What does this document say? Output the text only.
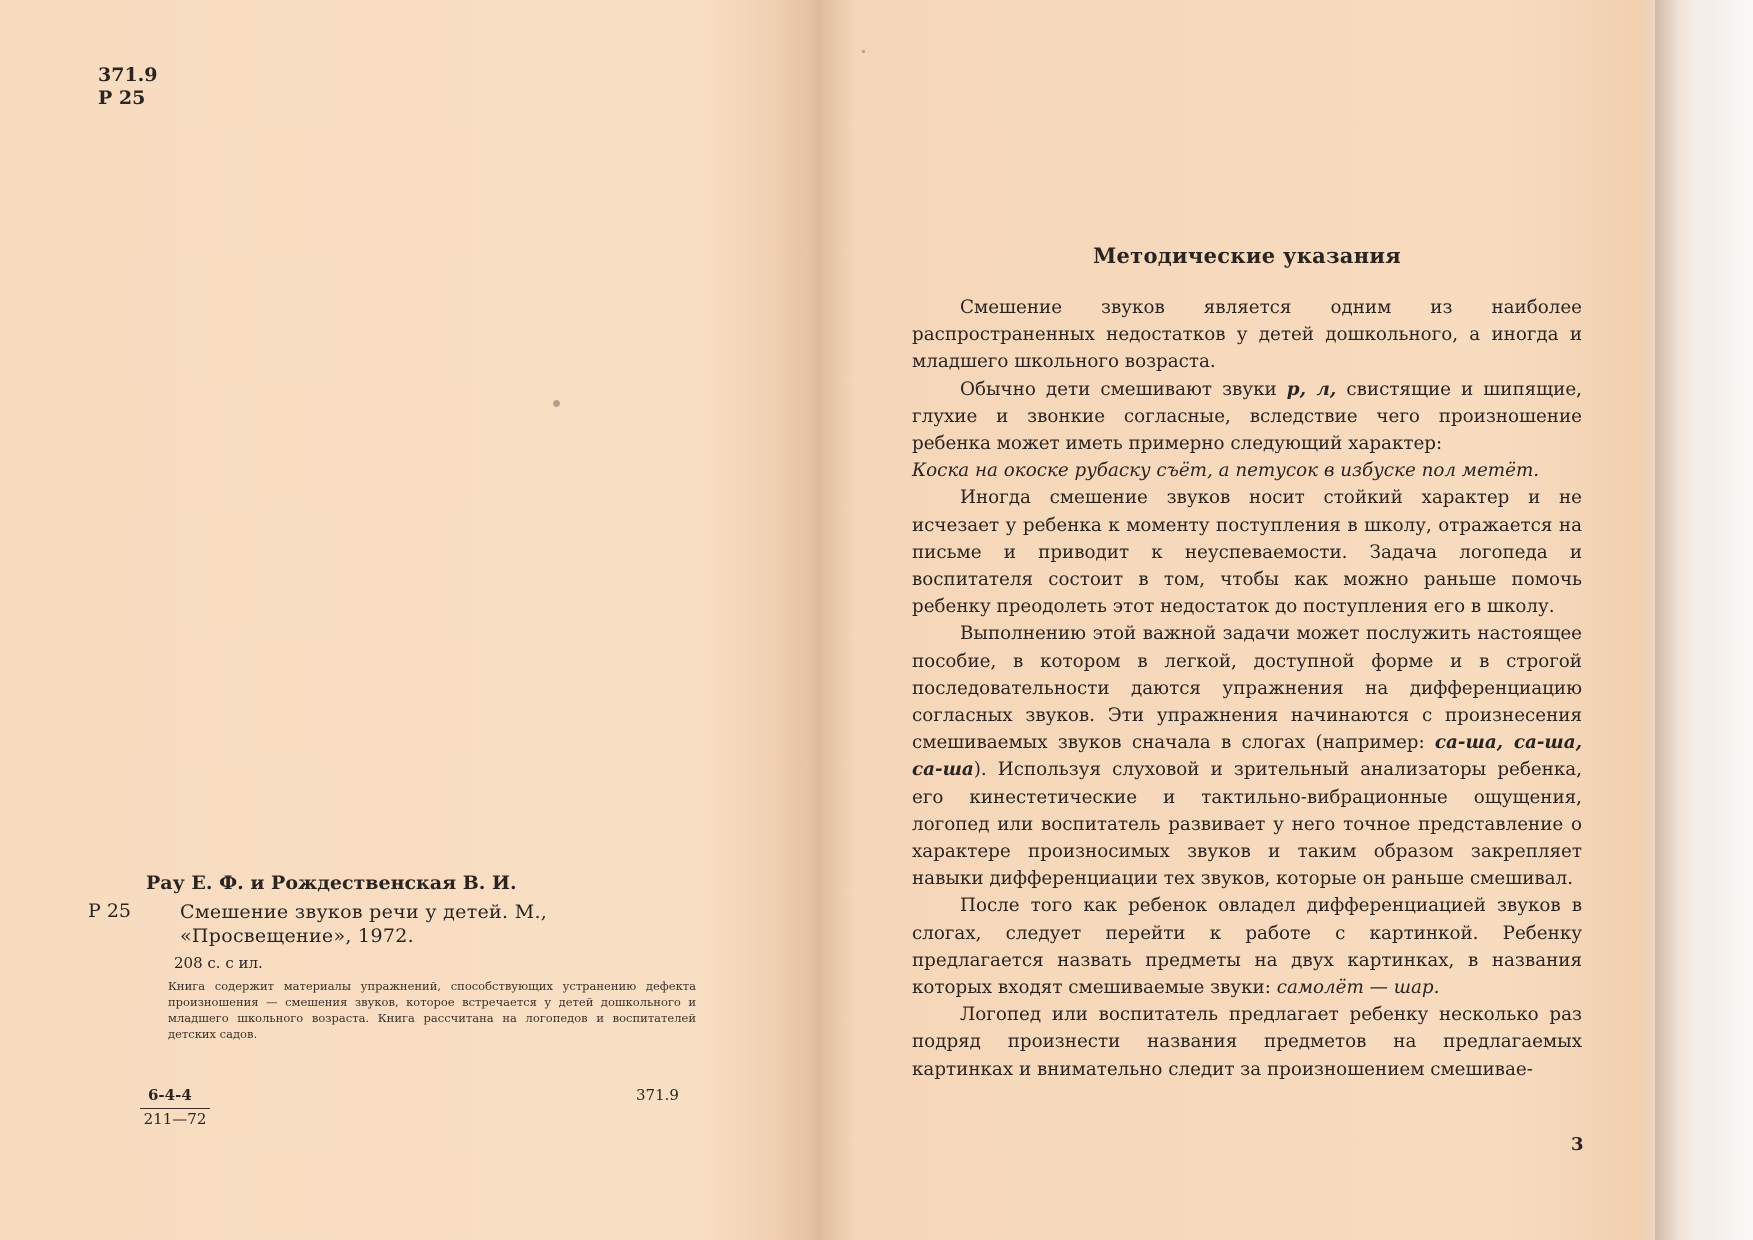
371.9
Р 25
Рау Е. Ф. и Рождественская В. И.
Р 25	Смешение звуков речи у детей. М., «Просвещение», 1972.
208 с. с ил.
Книга содержит материалы упражнений, способствующих устранению дефекта произношения — смешения звуков, которое встречается у детей дошкольного и младшего школьного возраста. Книга рассчитана на логопедов и воспитателей детских садов.
6-4-4
211—72
371.9
Методические указания

Смешение звуков является одним из наиболее распространенных недостатков у детей дошкольного, а иногда и младшего школьного возраста.

Обычно дети смешивают звуки р, л, свистящие и шипящие, глухие и звонкие согласные, вследствие чего произношение ребенка может иметь примерно следующий характер:
Коска на окоске рубаску съёт, а петусок в избуске пол метёт.

Иногда смешение звуков носит стойкий характер и не исчезает у ребенка к моменту поступления в школу, отражается на письме и приводит к неуспеваемости. Задача логопеда и воспитателя состоит в том, чтобы как можно раньше помочь ребенку преодолеть этот недостаток до поступления его в школу.

Выполнению этой важной задачи может послужить настоящее пособие, в котором в легкой, доступной форме и в строгой последовательности даются упражнения на дифференциацию согласных звуков. Эти упражнения начинаются с произнесения смешиваемых звуков сначала в слогах (например: са-ша, са-ша, са-ша). Используя слуховой и зрительный анализаторы ребенка, его кинестетические и тактильно-вибрационные ощущения, логопед или воспитатель развивает у него точное представление о характере произносимых звуков и таким образом закрепляет навыки дифференциации тех звуков, которые он раньше смешивал.

После того как ребенок овладел дифференциацией звуков в слогах, следует перейти к работе с картинкой. Ребенку предлагается назвать предметы на двух картинках, в названия которых входят смешиваемые звуки: самолёт — шар.

Логопед или воспитатель предлагает ребенку несколько раз подряд произнести названия предметов на предлагаемых картинках и внимательно следит за произношением смешивае-

3
